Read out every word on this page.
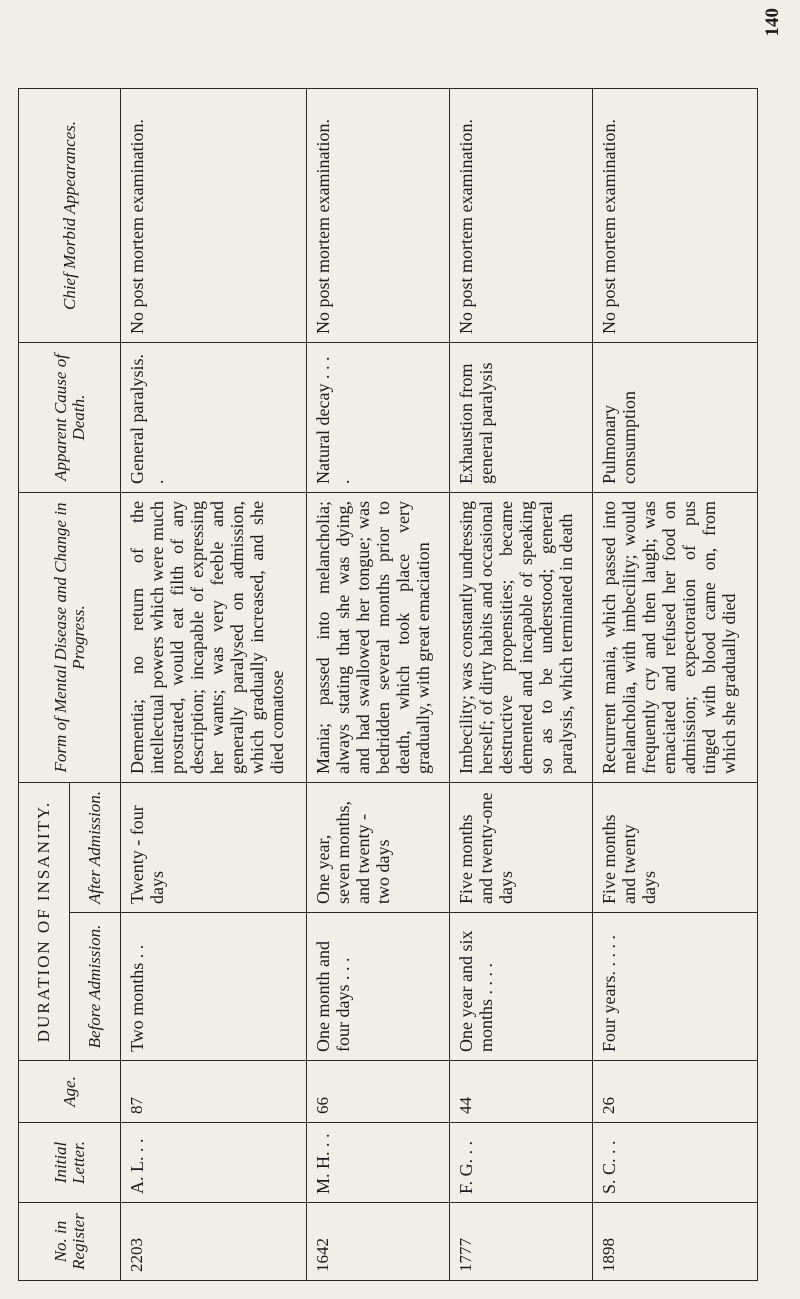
140
No. in Register	Initial Letter.	Age.	DURATION OF INSANITY.		Form of Mental Disease and Change in Progress.	Apparent Cause of Death.	Chief Morbid Appearances.
			Before Admission.	After Admission.			
2203	A. L. . .	87	Two months . .	Twenty - four days	Dementia; no return of the intellectual powers which were much prostrated, would eat filth of any description; incapable of expressing her wants; was very feeble and generally paralysed on admission, which gradually increased, and she died comatose	General paralysis. .	No post mortem examination.
1642	M. H. . .	66	One month and four days . . .	One year, seven months, and twenty - two days	Mania; passed into melancholia; always stating that she was dying, and had swallowed her tongue; was bedridden several months prior to death, which took place very gradually, with great emaciation	Natural decay . . . .	No post mortem examination.
1777	F. G. . .	44	One year and six months . . . .	Five months and twenty-one days	Imbecility; was constantly undressing herself; of dirty habits and occasional destructive propensities; became demented and incapable of speaking so as to be understood; general paralysis, which terminated in death	Exhaustion from general paralysis	No post mortem examination.
1898	S. C. . .	26	Four years. . . . .	Five months and twenty days	Recurrent mania, which passed into melancholia, with imbecility; would frequently cry and then laugh; was emaciated and refused her food on admission; expectoration of pus tinged with blood came on, from which she gradually died	Pulmonary consumption	No post mortem examination.
